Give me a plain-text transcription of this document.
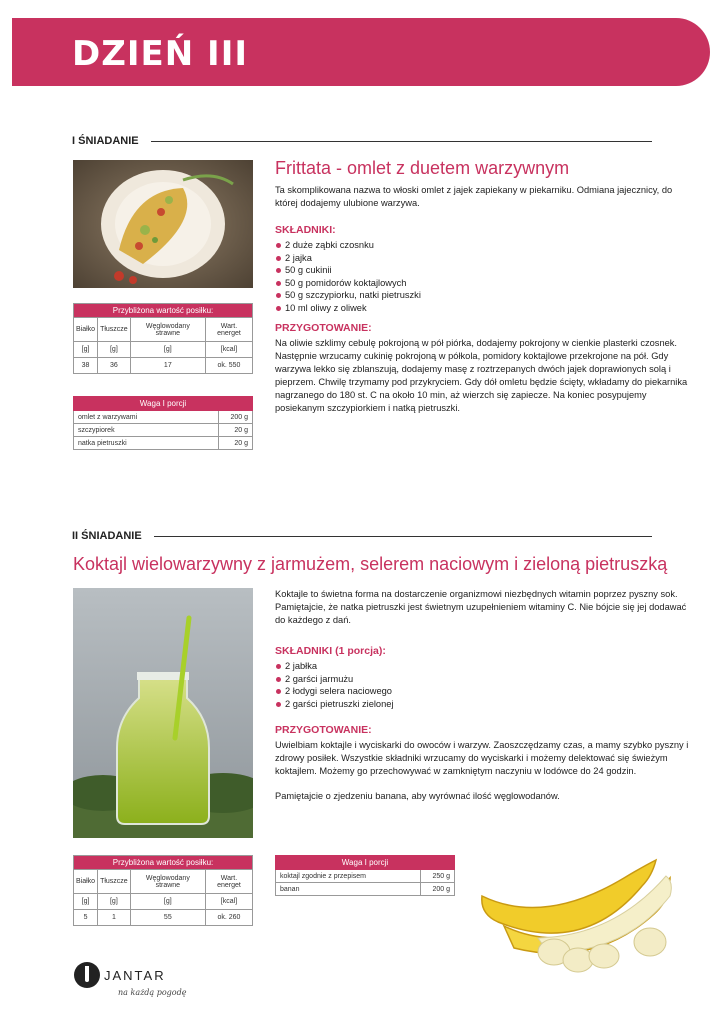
DZIEŃ III
I ŚNIADANIE
Frittata - omlet z duetem warzywnym
Ta skomplikowana nazwa to włoski omlet z jajek zapiekany w piekarniku. Odmiana jajecznicy, do której dodajemy ulubione warzywa.
SKŁADNIKI:
2 duże ząbki czosnku
2 jajka
50 g cukinii
50 g pomidorów koktajlowych
50 g szczypiorku, natki pietruszki
10 ml oliwy z oliwek
PRZYGOTOWANIE:
Na oliwie szklimy cebulę pokrojoną w pół piórka, dodajemy pokrojony w cienkie plasterki czosnek. Następnie wrzucamy cukinię pokrojoną w półkola, pomidory koktajlowe przekrojone na pół. Gdy warzywa lekko się zblanszują, dodajemy masę z roztrzepanych dwóch jajek doprawionych solą i pieprzem. Chwilę trzymamy pod przykryciem. Gdy dół omletu będzie ścięty, wkładamy do piekarnika nagrzanego do 180 st. C na około 10 min, aż wierzch się zapiecze. Na koniec posypujemy posiekanym szczypiorkiem i natką pietruszki.
Przybliżona wartość posiłku:			
Białko	Tłuszcze	Węglowodany strawne	Wart. energet
[g]	[g]	[g]	[kcal]
38	36	17	ok. 550
Waga I porcji	
omlet z warzywami	200 g
szczypiorek	20 g
natka pietruszki	20 g
II ŚNIADANIE
Koktajl wielowarzywny z jarmużem, selerem naciowym i zieloną pietruszką
Koktajle to świetna forma na dostarczenie organizmowi niezbędnych witamin poprzez pyszny sok. Pamiętajcie, że natka pietruszki jest świetnym uzupełnieniem witaminy C. Nie bójcie się jej dodawać do każdego z dań.
SKŁADNIKI (1 porcja):
2 jabłka
2 garści jarmużu
2 łodygi selera naciowego
2 garści pietruszki zielonej
PRZYGOTOWANIE:
Uwielbiam koktajle i wyciskarki do owoców i warzyw. Zaoszczędzamy czas, a mamy szybko pyszny i zdrowy posiłek. Wszystkie składniki wrzucamy do wyciskarki i możemy delektować się świeżym koktajlem. Możemy go przechowywać w zamkniętym naczyniu w lodówce do 24 godzin.
Pamiętajcie o zjedzeniu banana, aby wyrównać ilość węglowodanów.
Przybliżona wartość posiłku:			
Białko	Tłuszcze	Węglowodany strawne	Wart. energet
[g]	[g]	[g]	[kcal]
5	1	55	ok. 260
Waga I porcji	
koktajl zgodnie z przepisem	250 g
banan	200 g
JANTAR
na każdą pogodę
